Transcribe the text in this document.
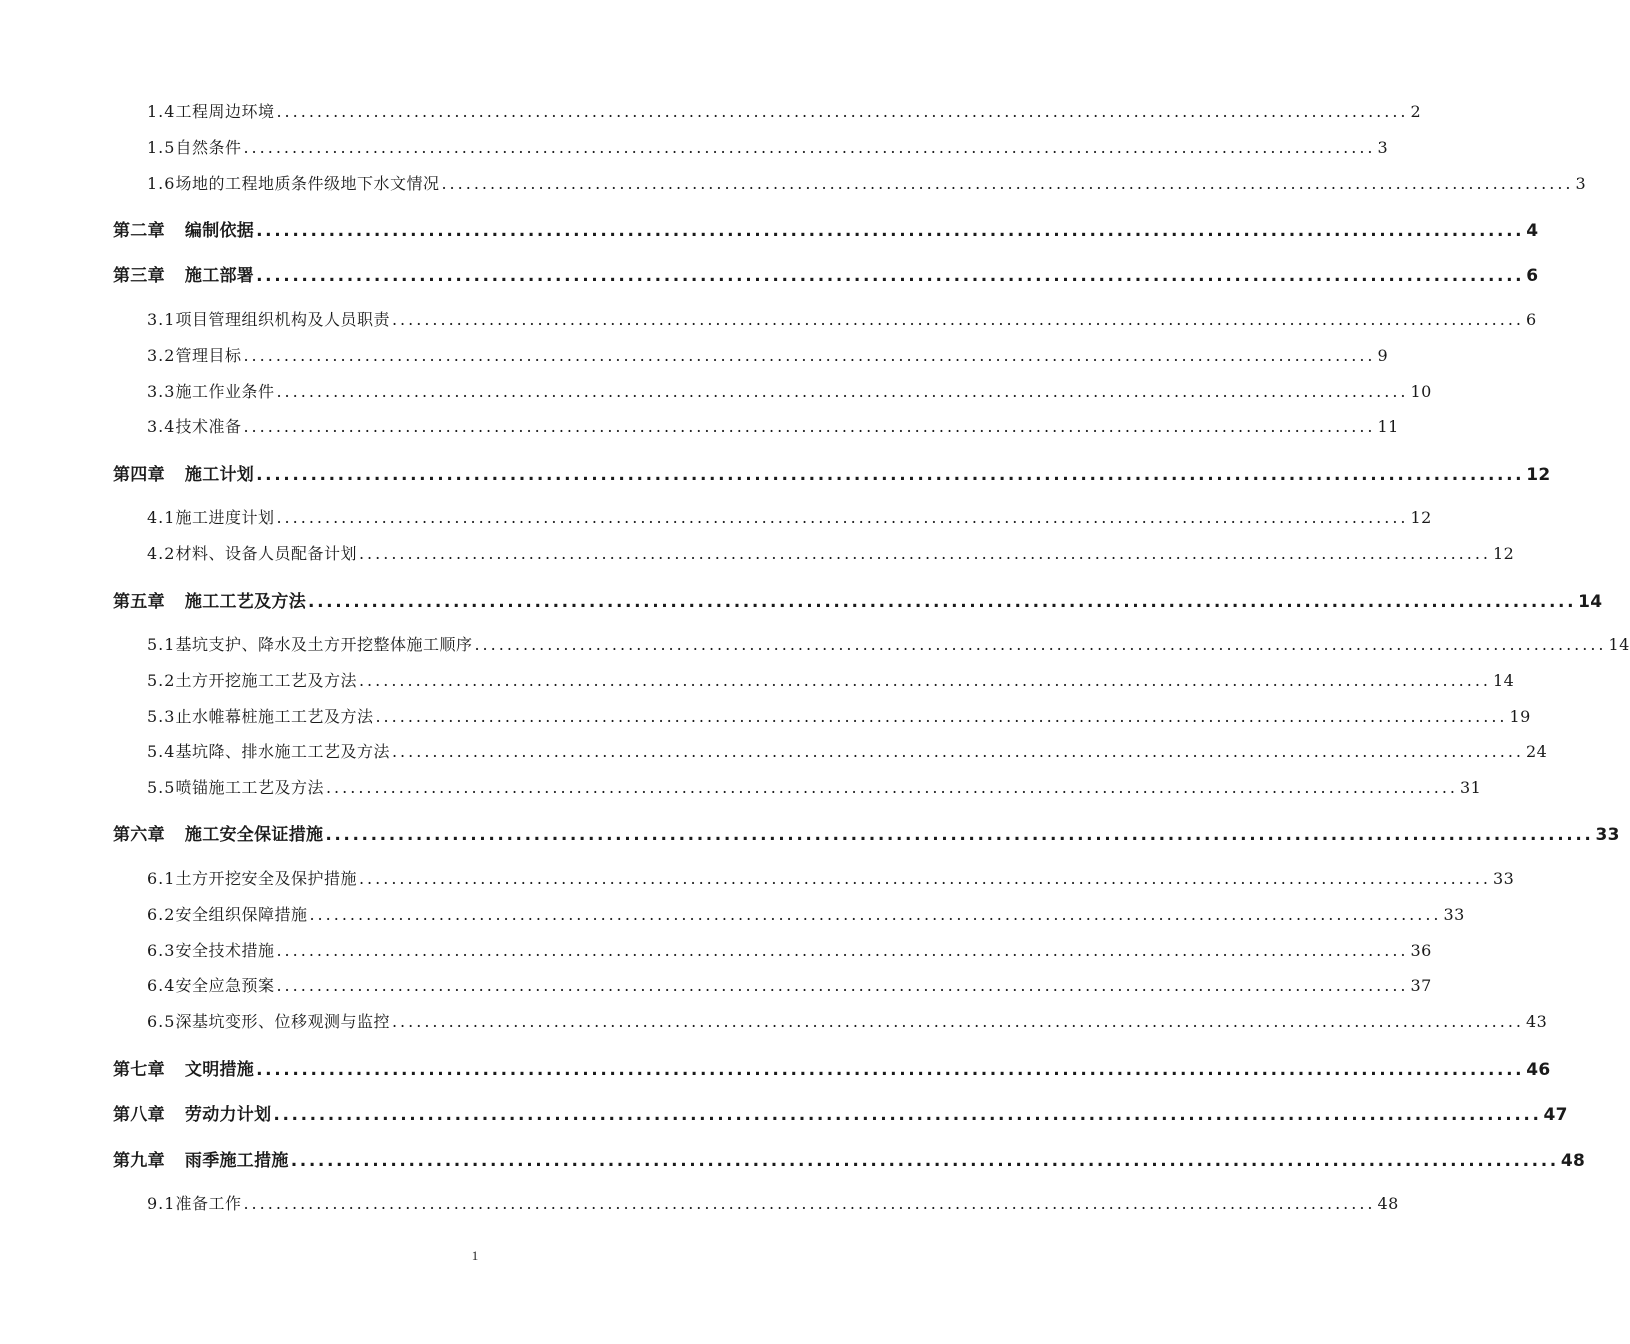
1.4 工程周边环境 ............................................................................................................................................ 2
1.5 自然条件 ............................................................................................................................................ 3
1.6 场地的工程地质条件级地下水文情况 ............................................................................................................................................ 3
第二章 编制依据 ............................................................................................................................................ 4
第三章 施工部署 ............................................................................................................................................ 6
3.1 项目管理组织机构及人员职责 ............................................................................................................................................ 6
3.2 管理目标 ............................................................................................................................................ 9
3.3 施工作业条件 ............................................................................................................................................ 10
3.4 技术准备 ............................................................................................................................................ 11
第四章 施工计划 ............................................................................................................................................ 12
4.1 施工进度计划 ............................................................................................................................................ 12
4.2 材料、设备人员配备计划 ............................................................................................................................................ 12
第五章 施工工艺及方法 ............................................................................................................................................ 14
5.1 基坑支护、降水及土方开挖整体施工顺序 ............................................................................................................................................ 14
5.2 土方开挖施工工艺及方法 ............................................................................................................................................ 14
5.3 止水帷幕桩施工工艺及方法 ............................................................................................................................................ 19
5.4 基坑降、排水施工工艺及方法 ............................................................................................................................................ 24
5.5 喷锚施工工艺及方法 ............................................................................................................................................ 31
第六章 施工安全保证措施 ............................................................................................................................................ 33
6.1 土方开挖安全及保护措施 ............................................................................................................................................ 33
6.2 安全组织保障措施 ............................................................................................................................................ 33
6.3 安全技术措施 ............................................................................................................................................ 36
6.4 安全应急预案 ............................................................................................................................................ 37
6.5 深基坑变形、位移观测与监控 ............................................................................................................................................ 43
第七章 文明措施 ............................................................................................................................................ 46
第八章 劳动力计划 ............................................................................................................................................ 47
第九章 雨季施工措施 ............................................................................................................................................ 48
9.1 准备工作 ............................................................................................................................................ 48
1
